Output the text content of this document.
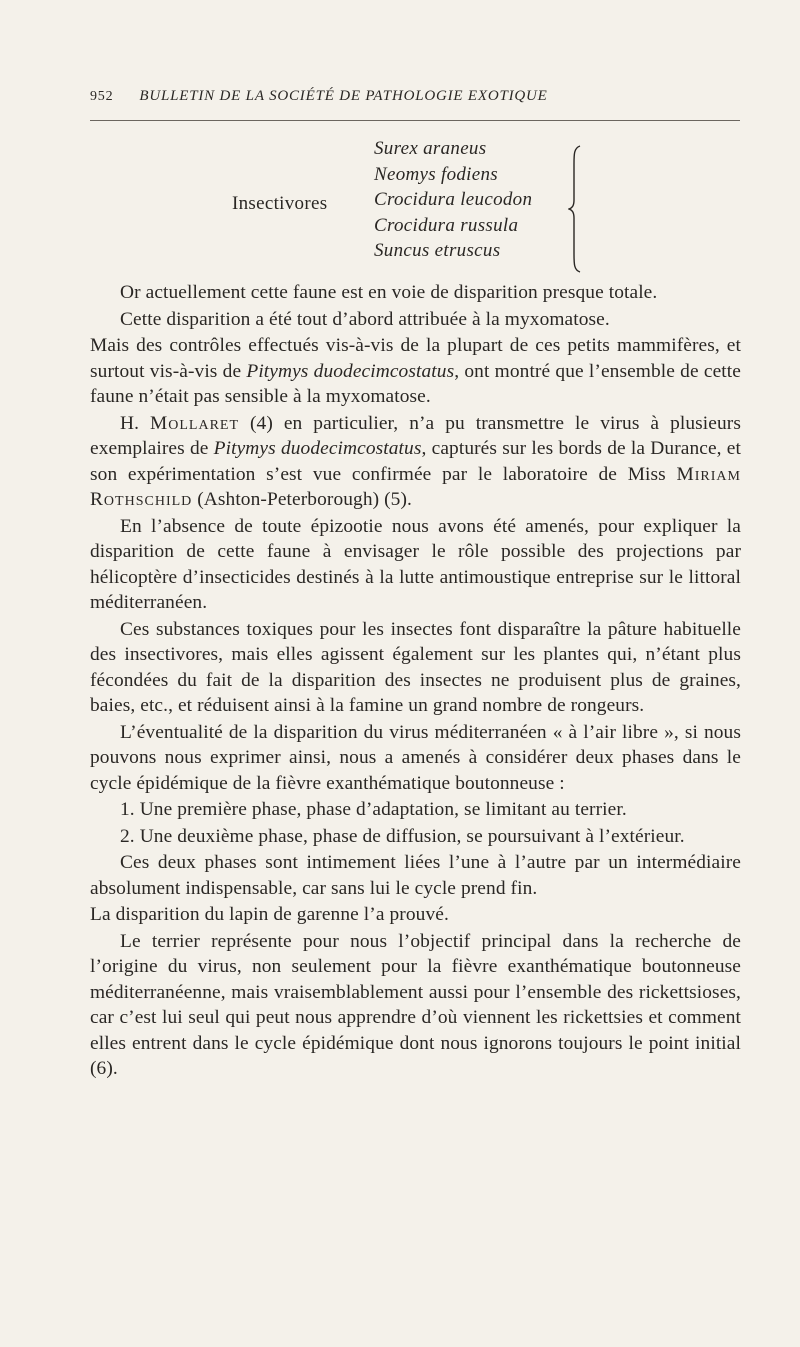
952 BULLETIN DE LA SOCIÉTÉ DE PATHOLOGIE EXOTIQUE
Insectivores
Surex araneus
Neomys fodiens
Crocidura leucodon
Crocidura russula
Suncus etruscus

Or actuellement cette faune est en voie de disparition presque totale.

Cette disparition a été tout d’abord attribuée à la myxomatose.

Mais des contrôles effectués vis-à-vis de la plupart de ces petits mammifères, et surtout vis-à-vis de Pitymys duodecimcostatus, ont montré que l’ensemble de cette faune n’était pas sensible à la myxomatose.

H. Mollaret (4) en particulier, n’a pu transmettre le virus à plusieurs exemplaires de Pitymys duodecimcostatus, capturés sur les bords de la Durance, et son expérimentation s’est vue confirmée par le laboratoire de Miss Miriam Rothschild (Ashton-Peterborough) (5).

En l’absence de toute épizootie nous avons été amenés, pour expliquer la disparition de cette faune à envisager le rôle possible des projections par hélicoptère d’insecticides destinés à la lutte antimoustique entreprise sur le littoral méditerranéen.

Ces substances toxiques pour les insectes font disparaître la pâture habituelle des insectivores, mais elles agissent également sur les plantes qui, n’étant plus fécondées du fait de la disparition des insectes ne produisent plus de graines, baies, etc., et réduisent ainsi à la famine un grand nombre de rongeurs.

L’éventualité de la disparition du virus méditerranéen « à l’air libre », si nous pouvons nous exprimer ainsi, nous a amenés à considérer deux phases dans le cycle épidémique de la fièvre exanthématique boutonneuse :

1. Une première phase, phase d’adaptation, se limitant au terrier.

2. Une deuxième phase, phase de diffusion, se poursuivant à l’extérieur.

Ces deux phases sont intimement liées l’une à l’autre par un intermédiaire absolument indispensable, car sans lui le cycle prend fin.

La disparition du lapin de garenne l’a prouvé.

Le terrier représente pour nous l’objectif principal dans la recherche de l’origine du virus, non seulement pour la fièvre exanthématique boutonneuse méditerranéenne, mais vraisemblablement aussi pour l’ensemble des rickettsioses, car c’est lui seul qui peut nous apprendre d’où viennent les rickettsies et comment elles entrent dans le cycle épidémique dont nous ignorons toujours le point initial (6).
